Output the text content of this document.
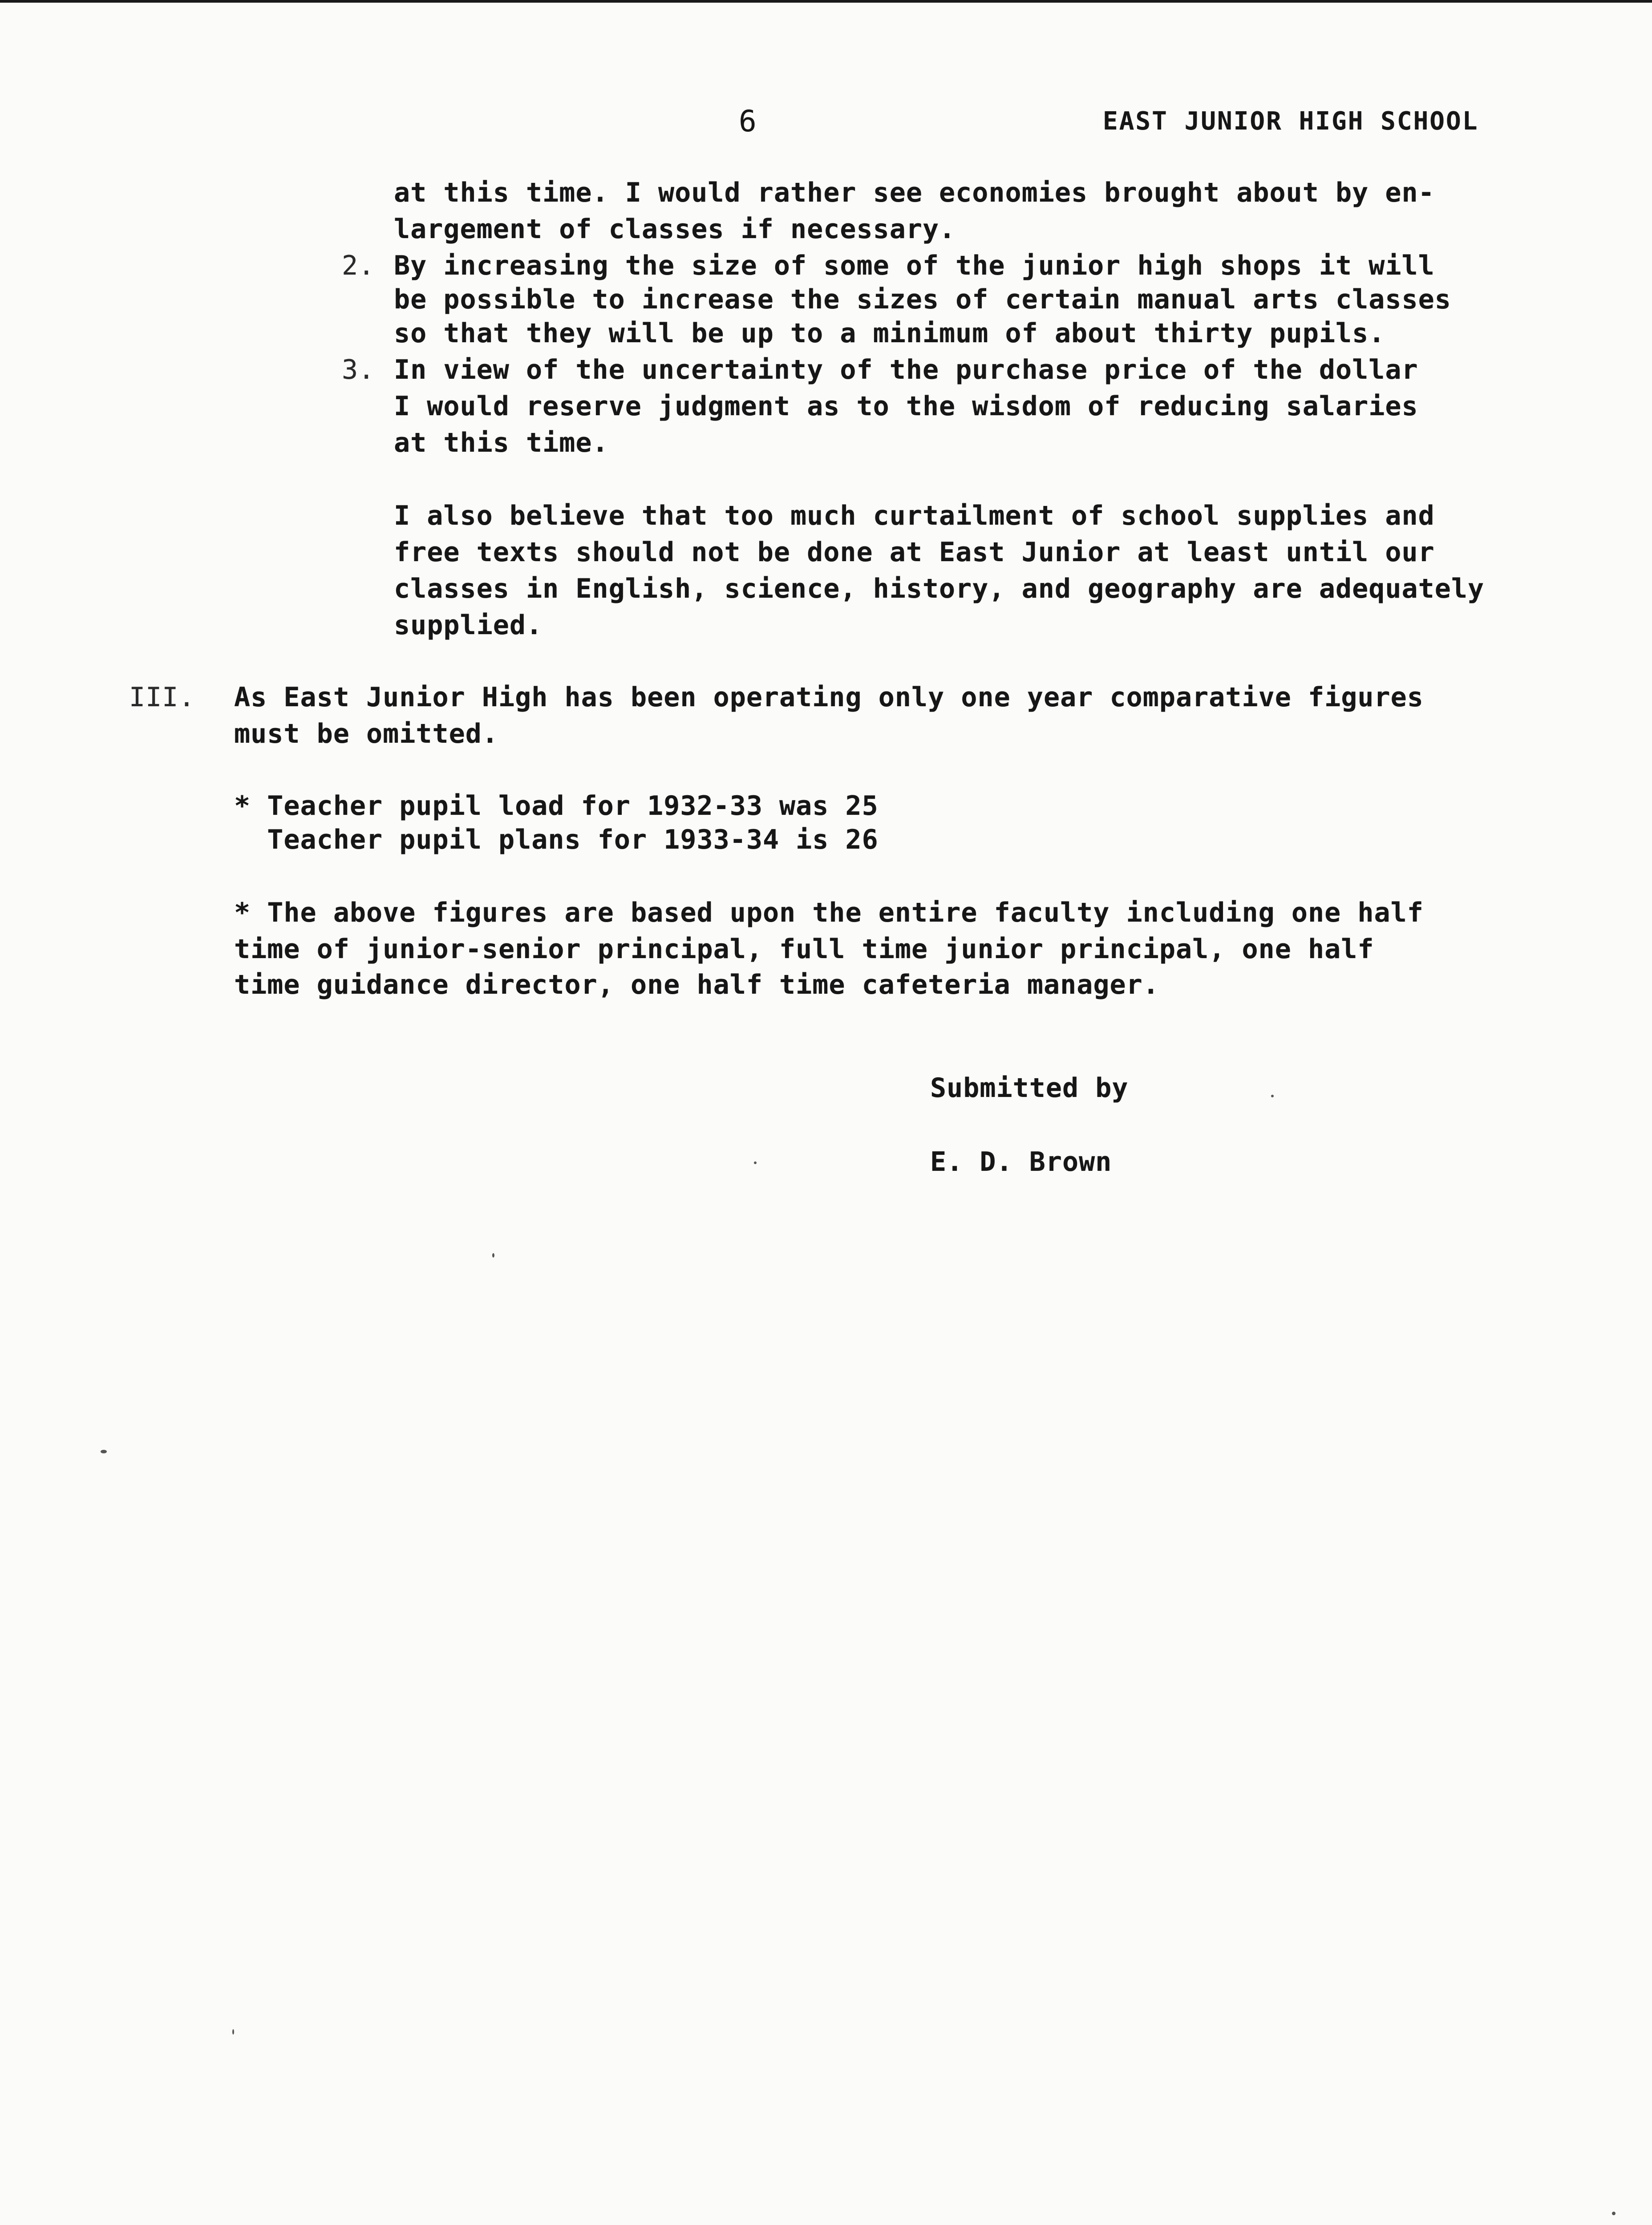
6	EAST JUNIOR HIGH SCHOOL
at this time. I would rather see economies brought about by en-
largement of classes if necessary.
2. By increasing the size of some of the junior high shops it will
be possible to increase the sizes of certain manual arts classes
so that they will be up to a minimum of about thirty pupils.
3. In view of the uncertainty of the purchase price of the dollar
I would reserve judgment as to the wisdom of reducing salaries
at this time.
I also believe that too much curtailment of school supplies and
free texts should not be done at East Junior at least until our
classes in English, science, history, and geography are adequately
supplied.
III. As East Junior High has been operating only one year comparative figures
must be omitted.
* Teacher pupil load for 1932-33 was 25
Teacher pupil plans for 1933-34 is 26
* The above figures are based upon the entire faculty including one half
time of junior-senior principal, full time junior principal, one half
time guidance director, one half time cafeteria manager.
Submitted by
E. D. Brown
